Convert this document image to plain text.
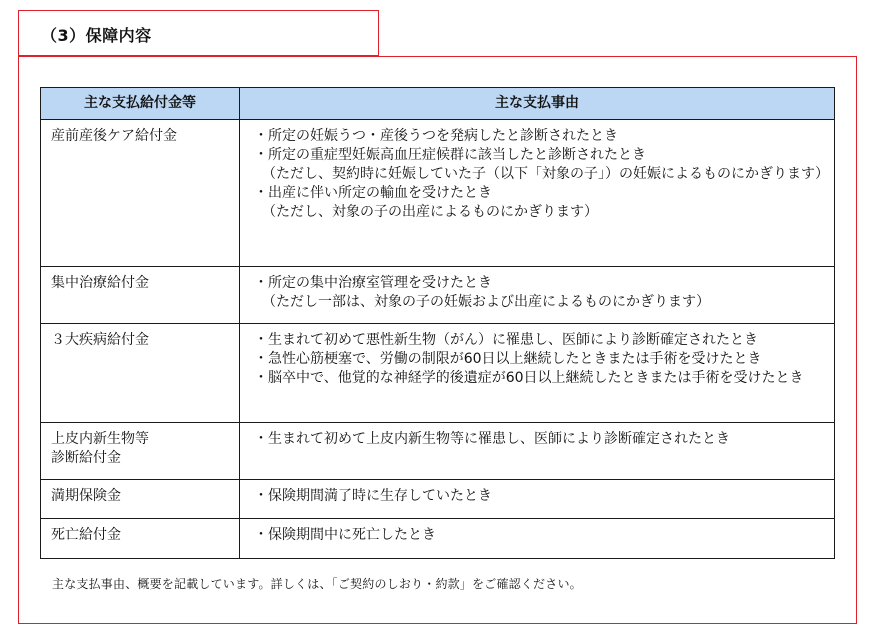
（3）保障内容
主な支払給付金等	主な支払事由

産前産後ケア給付金	・所定の妊娠うつ・産後うつを発病したと診断されたとき
・所定の重症型妊娠高血圧症候群に該当したと診断されたとき
（ただし、契約時に妊娠していた子（以下「対象の子」）の妊娠によるものにかぎります）
・出産に伴い所定の輸血を受けたとき
（ただし、対象の子の出産によるものにかぎります）

集中治療給付金	・所定の集中治療室管理を受けたとき
（ただし一部は、対象の子の妊娠および出産によるものにかぎります）

３大疾病給付金	・生まれて初めて悪性新生物（がん）に罹患し、医師により診断確定されたとき
・急性心筋梗塞で、労働の制限が60日以上継続したときまたは手術を受けたとき
・脳卒中で、他覚的な神経学的後遺症が60日以上継続したときまたは手術を受けたとき

上皮内新生物等
診断給付金	・生まれて初めて上皮内新生物等に罹患し、医師により診断確定されたとき

満期保険金	・保険期間満了時に生存していたとき

死亡給付金	・保険期間中に死亡したとき
主な支払事由、概要を記載しています。詳しくは、「ご契約のしおり・約款」をご確認ください。
